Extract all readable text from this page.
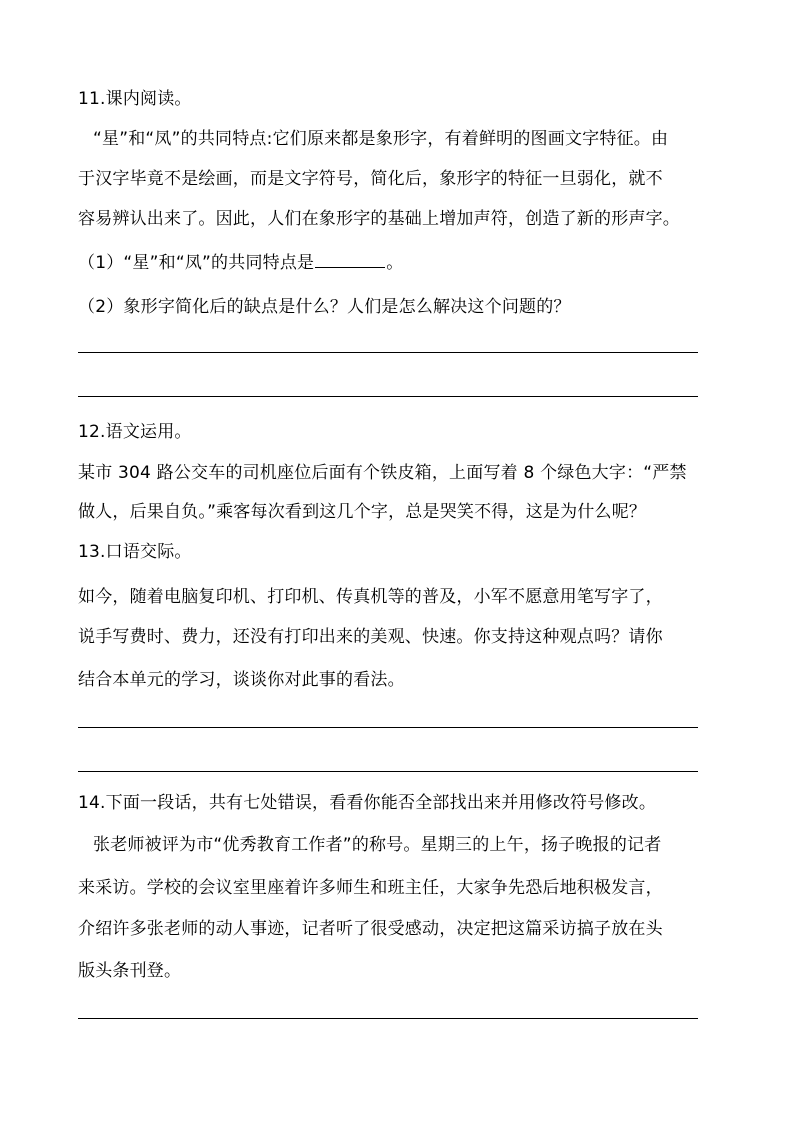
11.课内阅读。
“星”和“凤”的共同特点:它们原来都是象形字，有着鲜明的图画文字特征。由
于汉字毕竟不是绘画，而是文字符号，简化后，象形字的特征一旦弱化，就不
容易辨认出来了。因此，人们在象形字的基础上增加声符，创造了新的形声字。
（1）“星”和“凤”的共同特点是	。
（2）象形字简化后的缺点是什么？人们是怎么解决这个问题的？
12.语文运用。
某市 304 路公交车的司机座位后面有个铁皮箱，上面写着 8 个绿色大字：“严禁
做人，后果自负。”乘客每次看到这几个字，总是哭笑不得，这是为什么呢？
13.口语交际。
如今，随着电脑复印机、打印机、传真机等的普及，小军不愿意用笔写字了，
说手写费时、费力，还没有打印出来的美观、快速。你支持这种观点吗？请你
结合本单元的学习，谈谈你对此事的看法。
14.下面一段话，共有七处错误，看看你能否全部找出来并用修改符号修改。
张老师被评为市“优秀教育工作者”的称号。星期三的上午，扬子晚报的记者
来采访。学校的会议室里座着许多师生和班主任，大家争先恐后地积极发言，
介绍许多张老师的动人事迹，记者听了很受感动，决定把这篇采访搞子放在头
版头条刊登。
